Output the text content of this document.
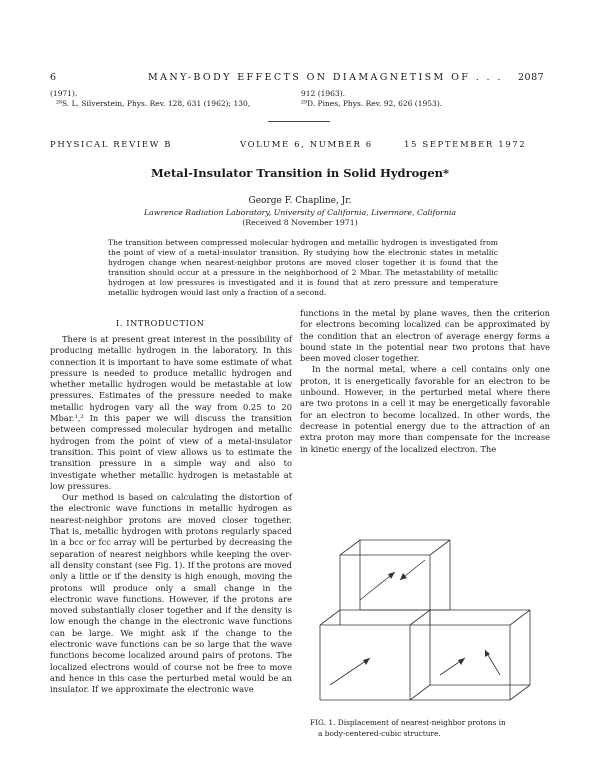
6	MANY-BODY EFFECTS ON DIAMAGNETISM OF . . . 2087
(1971).
²⁸S. L. Silverstein, Phys. Rev. 128, 631 (1962); 130,
912 (1963).
²⁹D. Pines, Phys. Rev. 92, 626 (1953).
PHYSICAL REVIEW B	VOLUME 6, NUMBER 6	15 SEPTEMBER 1972
Metal-Insulator Transition in Solid Hydrogen*
George F. Chapline, Jr.
Lawrence Radiation Laboratory, University of California, Livermore, California
(Received 8 November 1971)
The transition between compressed molecular hydrogen and metallic hydrogen is investigated from the point of view of a metal-insulator transition. By studying how the electronic states in metallic hydrogen change when nearest-neighbor protons are moved closer together it is found that the transition should occur at a pressure in the neighborhood of 2 Mbar. The metastability of metallic hydrogen at low pressures is investigated and it is found that at zero pressure and temperature metallic hydrogen would last only a fraction of a second.
I. INTRODUCTION

There is at present great interest in the possibility of producing metallic hydrogen in the laboratory. In this connection it is important to have some estimate of what pressure is needed to produce metallic hydrogen and whether metallic hydrogen would be metastable at low pressures. Estimates of the pressure needed to make metallic hydrogen vary all the way from 0.25 to 20 Mbar.¹,² In this paper we will discuss the transition between compressed molecular hydrogen and metallic hydrogen from the point of view of a metal-insulator transition. This point of view allows us to estimate the transition pressure in a simple way and also to investigate whether metallic hydrogen is metastable at low pressures.

Our method is based on calculating the distortion of the electronic wave functions in metallic hydrogen as nearest-neighbor protons are moved closer together. That is, metallic hydrogen with protons regularly spaced in a bcc or fcc array will be perturbed by decreasing the separation of nearest neighbors while keeping the over-all density constant (see Fig. 1). If the protons are moved only a little or if the density is high enough, moving the protons will produce only a small change in the electronic wave functions. However, if the protons are moved substantially closer together and if the density is low enough the change in the electronic wave functions can be large. We might ask if the change to the electronic wave functions can be so large that the wave functions become localized around pairs of protons. The localized electrons would of course not be free to move and hence in this case the perturbed metal would be an insulator. If we approximate the electronic wave

functions in the metal by plane waves, then the criterion for electrons becoming localized can be approximated by the condition that an electron of average energy forms a bound state in the potential near two protons that have been moved closer together.

In the normal metal, where a cell contains only one proton, it is energetically favorable for an electron to be unbound. However, in the perturbed metal where there are two protons in a cell it may be energetically favorable for an electron to become localized. In other words, the decrease in potential energy due to the attraction of an extra proton may more than compensate for the increase in kinetic energy of the localized electron. The

FIG. 1. Displacement of nearest-neighbor protons in
a body-centered-cubic structure.
